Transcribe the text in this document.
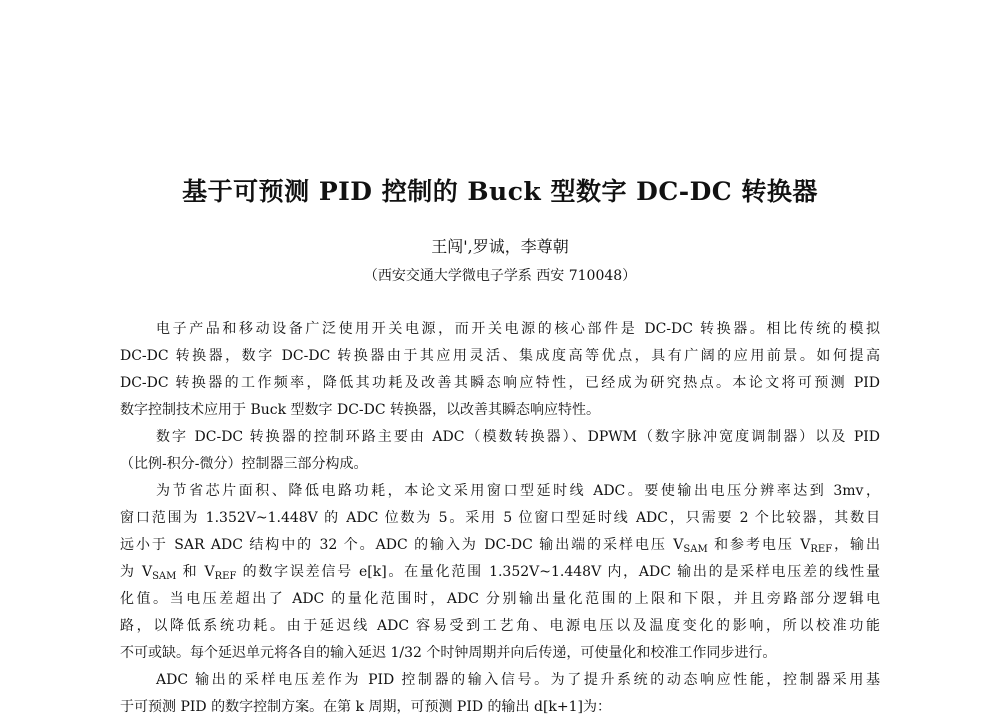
基于可预测 PID 控制的 Buck 型数字 DC-DC 转换器
王闯',罗诚，李尊朝
（西安交通大学微电子学系 西安 710048）
电子产品和移动设备广泛使用开关电源，而开关电源的核心部件是 DC-DC 转换器。相比传统的模拟
DC-DC 转换器，数字 DC-DC 转换器由于其应用灵活、集成度高等优点，具有广阔的应用前景。如何提高
DC-DC 转换器的工作频率，降低其功耗及改善其瞬态响应特性，已经成为研究热点。本论文将可预测 PID
数字控制技术应用于 Buck 型数字 DC-DC 转换器，以改善其瞬态响应特性。
数字 DC-DC 转换器的控制环路主要由 ADC（模数转换器）、DPWM（数字脉冲宽度调制器）以及 PID
（比例-积分-微分）控制器三部分构成。
为节省芯片面积、降低电路功耗，本论文采用窗口型延时线 ADC。要使输出电压分辨率达到 3mv，
窗口范围为 1.352V~1.448V 的 ADC 位数为 5。采用 5 位窗口型延时线 ADC，只需要 2 个比较器，其数目
远小于 SAR ADC 结构中的 32 个。ADC 的输入为 DC-DC 输出端的采样电压 $V_{SAM}$ 和参考电压 $V_{REF}$，输出
为 $V_{SAM}$ 和 $V_{REF}$ 的数字误差信号 e[k]。在量化范围 1.352V~1.448V 内，ADC 输出的是采样电压差的线性量
化值。当电压差超出了 ADC 的量化范围时，ADC 分别输出量化范围的上限和下限，并且旁路部分逻辑电
路，以降低系统功耗。由于延迟线 ADC 容易受到工艺角、电源电压以及温度变化的影响，所以校准功能
不可或缺。每个延迟单元将各自的输入延迟 1/32 个时钟周期并向后传递，可使量化和校准工作同步进行。
ADC 输出的采样电压差作为 PID 控制器的输入信号。为了提升系统的动态响应性能，控制器采用基
于可预测 PID 的数字控制方案。在第 k 周期，可预测 PID 的输出 d[k+1]为：
